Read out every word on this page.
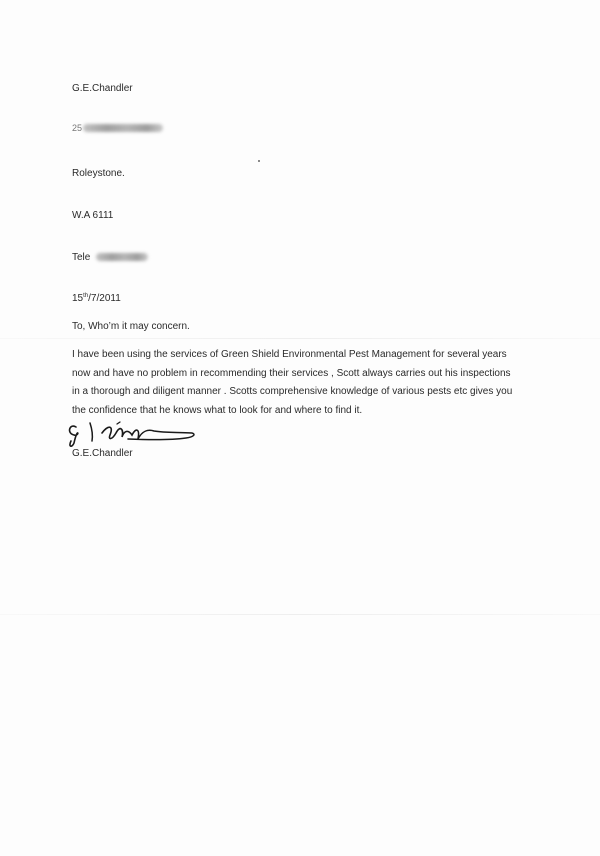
G.E.Chandler
25
Roleystone.
W.A 6111
Tele
15th/7/2011
To, Who’m it may concern.
I have been using the services of Green Shield Environmental Pest Management for several years
now and have no problem in recommending their services , Scott always carries out his inspections
in a thorough and diligent manner . Scotts comprehensive knowledge of various pests etc gives you
the confidence that he knows what to look for and where to find it.
G.E.Chandler
